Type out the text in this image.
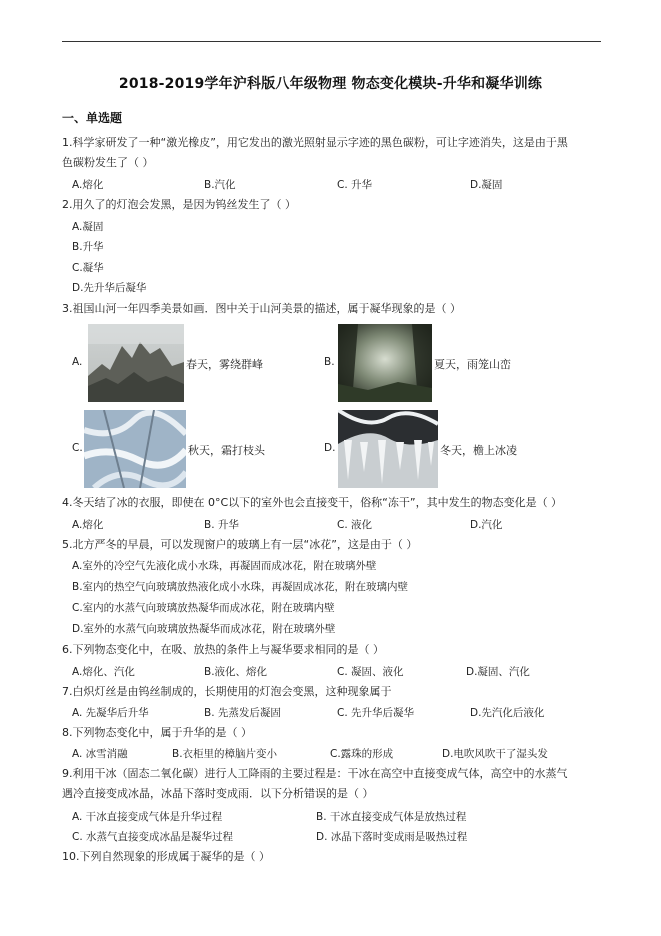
2018-2019学年沪科版八年级物理 物态变化模块-升华和凝华训练
一、单选题
1.科学家研发了一种“激光橡皮”，用它发出的激光照射显示字迹的黑色碳粉，可让字迹消失，这是由于黑
色碳粉发生了（ ）
A.熔化	B.汽化	C. 升华	D.凝固
2.用久了的灯泡会发黑，是因为钨丝发生了（ ）
A.凝固
B.升华
C.凝华
D.先升华后凝华
3.祖国山河一年四季美景如画．图中关于山河美景的描述，属于凝华现象的是（ ）
A.	春天，雾绕群峰	B.	夏天，雨笼山峦
C.	秋天，霜打枝头	D.	冬天，檐上冰凌
4.冬天结了冰的衣服，即使在 0°C以下的室外也会直接变干，俗称“冻干”，其中发生的物态变化是（ ）
A.熔化	B. 升华	C. 液化	D.汽化
5.北方严冬的早晨，可以发现窗户的玻璃上有一层“冰花”，这是由于（ ）
A.室外的冷空气先液化成小水珠，再凝固而成冰花，附在玻璃外壁
B.室内的热空气向玻璃放热液化成小水珠，再凝固成冰花，附在玻璃内壁
C.室内的水蒸气向玻璃放热凝华而成冰花，附在玻璃内壁
D.室外的水蒸气向玻璃放热凝华而成冰花，附在玻璃外壁
6.下列物态变化中，在吸、放热的条件上与凝华要求相同的是（ ）
A.熔化、汽化	B.液化、熔化	C. 凝固、液化	D.凝固、汽化
7.白炽灯丝是由钨丝制成的，长期使用的灯泡会变黑，这种现象属于
A. 先凝华后升华	B. 先蒸发后凝固	C. 先升华后凝华	D.先汽化后液化
8.下列物态变化中，属于升华的是（ ）
A. 冰雪消融	B.衣柜里的樟脑片变小	C.露珠的形成	D.电吹风吹干了湿头发
9.利用干冰（固态二氧化碳）进行人工降雨的主要过程是：干冰在高空中直接变成气体，高空中的水蒸气
遇冷直接变成冰晶，冰晶下落时变成雨．以下分析错误的是（ ）
A. 干冰直接变成气体是升华过程	B. 干冰直接变成气体是放热过程
C. 水蒸气直接变成冰晶是凝华过程	D. 冰晶下落时变成雨是吸热过程
10.下列自然现象的形成属于凝华的是（ ）
